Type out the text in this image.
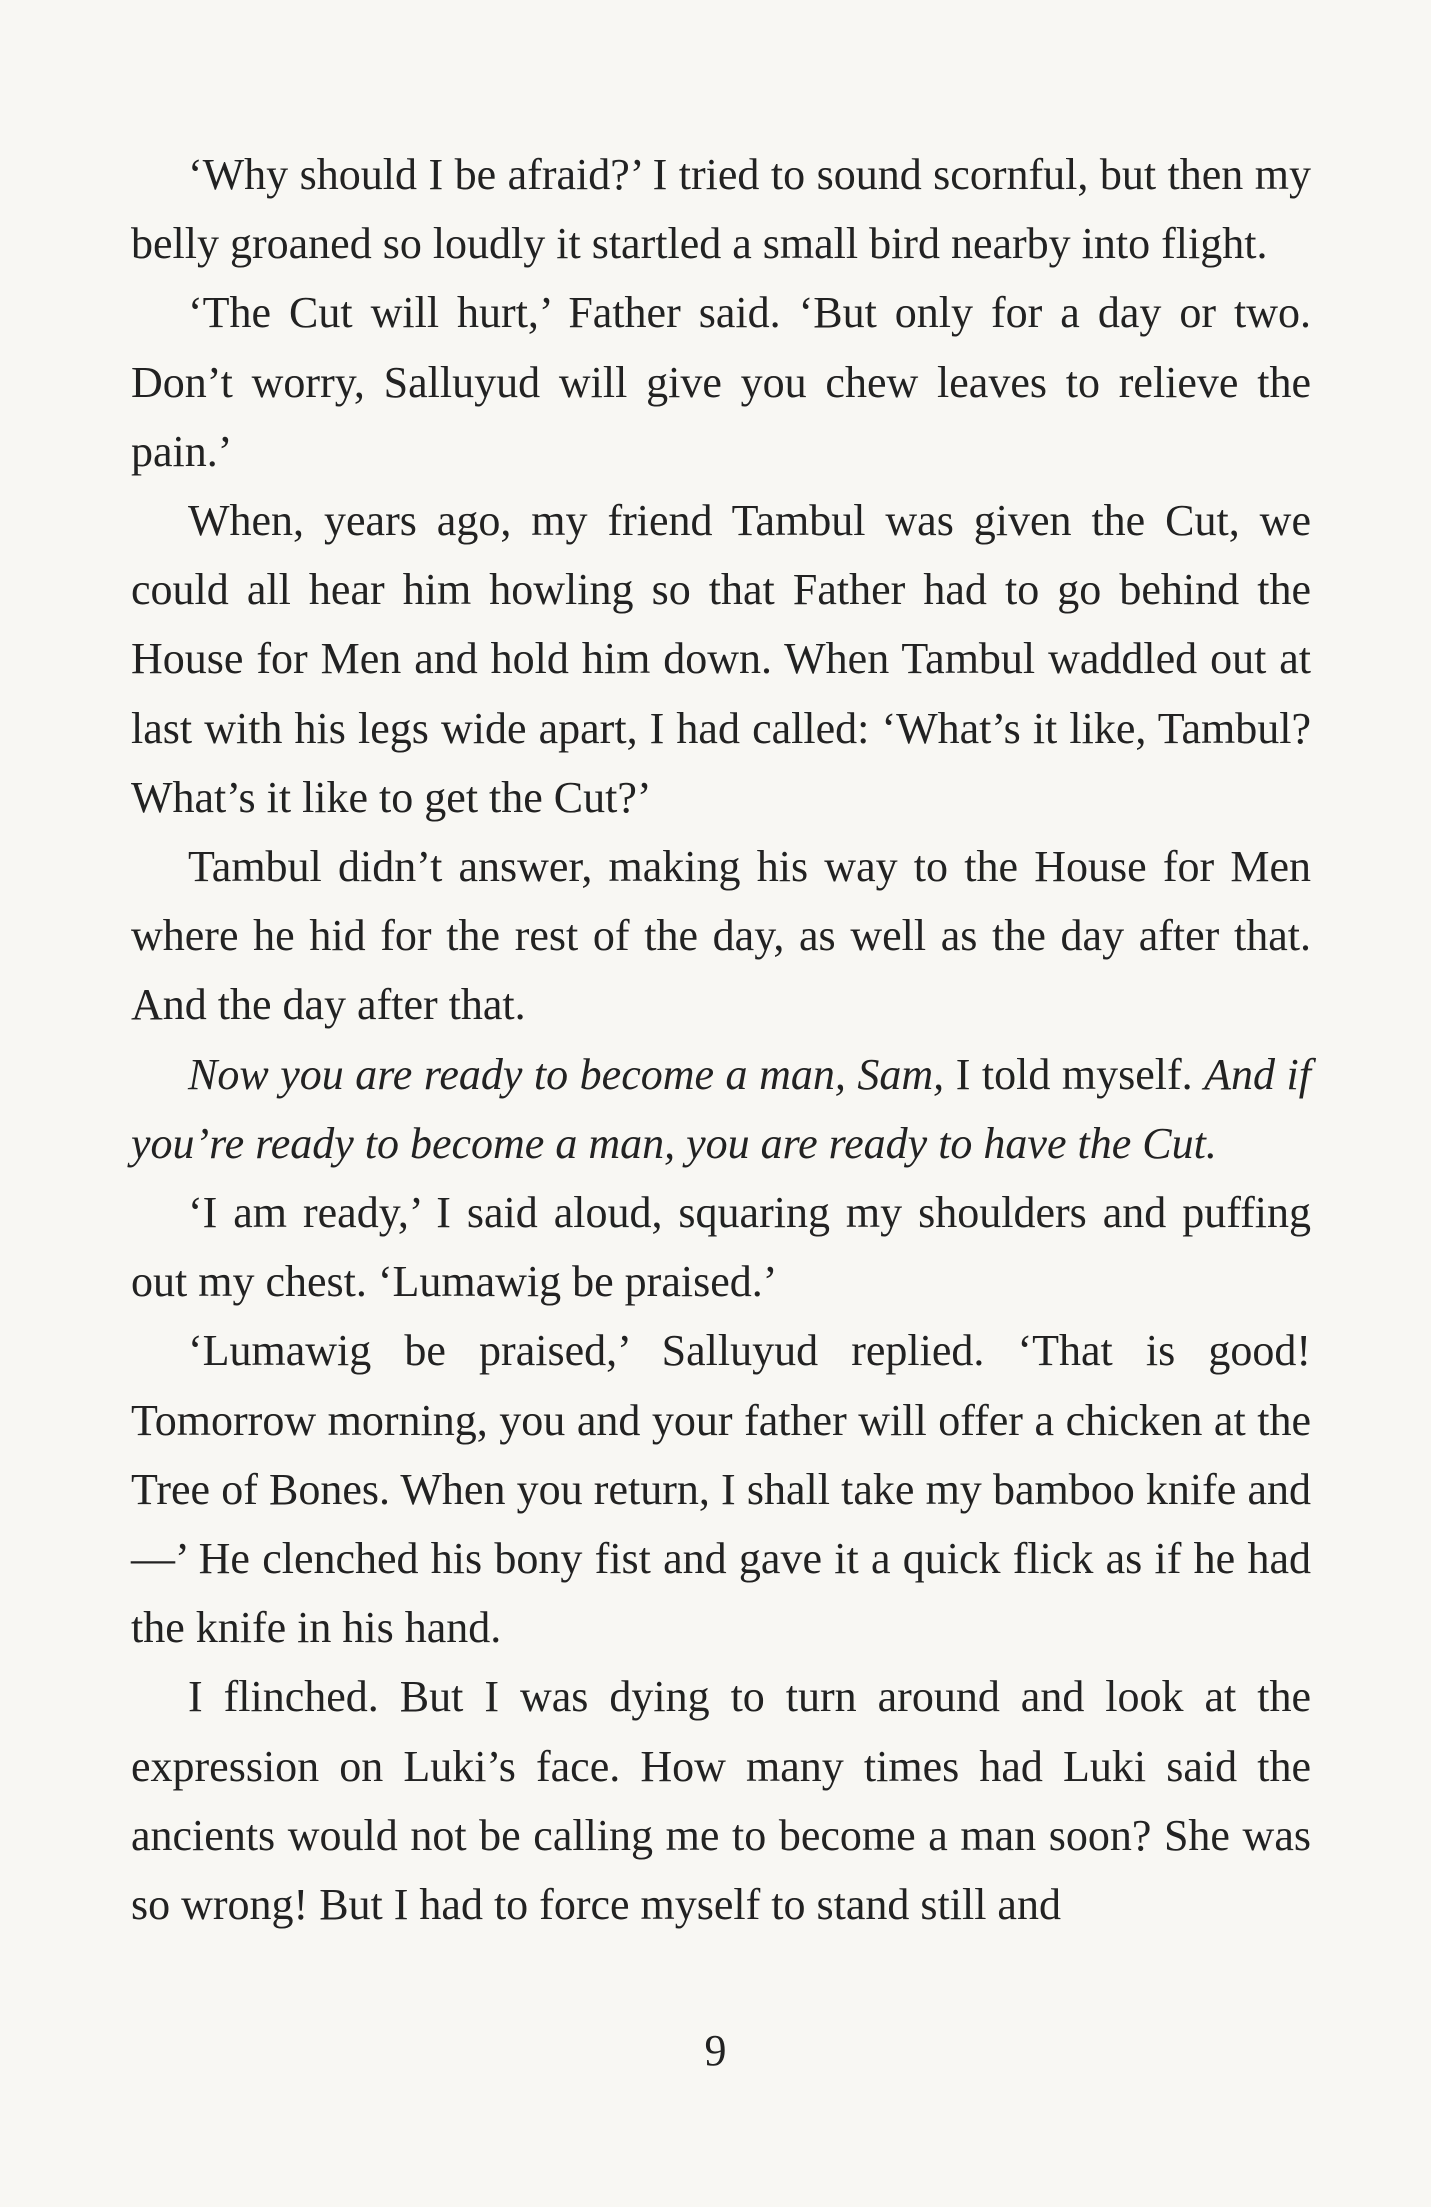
‘Why should I be afraid?’ I tried to sound scornful, but then my belly groaned so loudly it startled a small bird nearby into flight.

‘The Cut will hurt,’ Father said. ‘But only for a day or two. Don’t worry, Salluyud will give you chew leaves to relieve the pain.’

When, years ago, my friend Tambul was given the Cut, we could all hear him howling so that Father had to go behind the House for Men and hold him down. When Tambul waddled out at last with his legs wide apart, I had called: ‘What’s it like, Tambul? What’s it like to get the Cut?’

Tambul didn’t answer, making his way to the House for Men where he hid for the rest of the day, as well as the day after that. And the day after that.

Now you are ready to become a man, Sam, I told myself. And if you’re ready to become a man, you are ready to have the Cut.

‘I am ready,’ I said aloud, squaring my shoulders and puffing out my chest. ‘Lumawig be praised.’

‘Lumawig be praised,’ Salluyud replied. ‘That is good! Tomorrow morning, you and your father will offer a chicken at the Tree of Bones. When you return, I shall take my bamboo knife and—’ He clenched his bony fist and gave it a quick flick as if he had the knife in his hand.

I flinched. But I was dying to turn around and look at the expression on Luki’s face. How many times had Luki said the ancients would not be calling me to become a man soon? She was so wrong! But I had to force myself to stand still and

9
